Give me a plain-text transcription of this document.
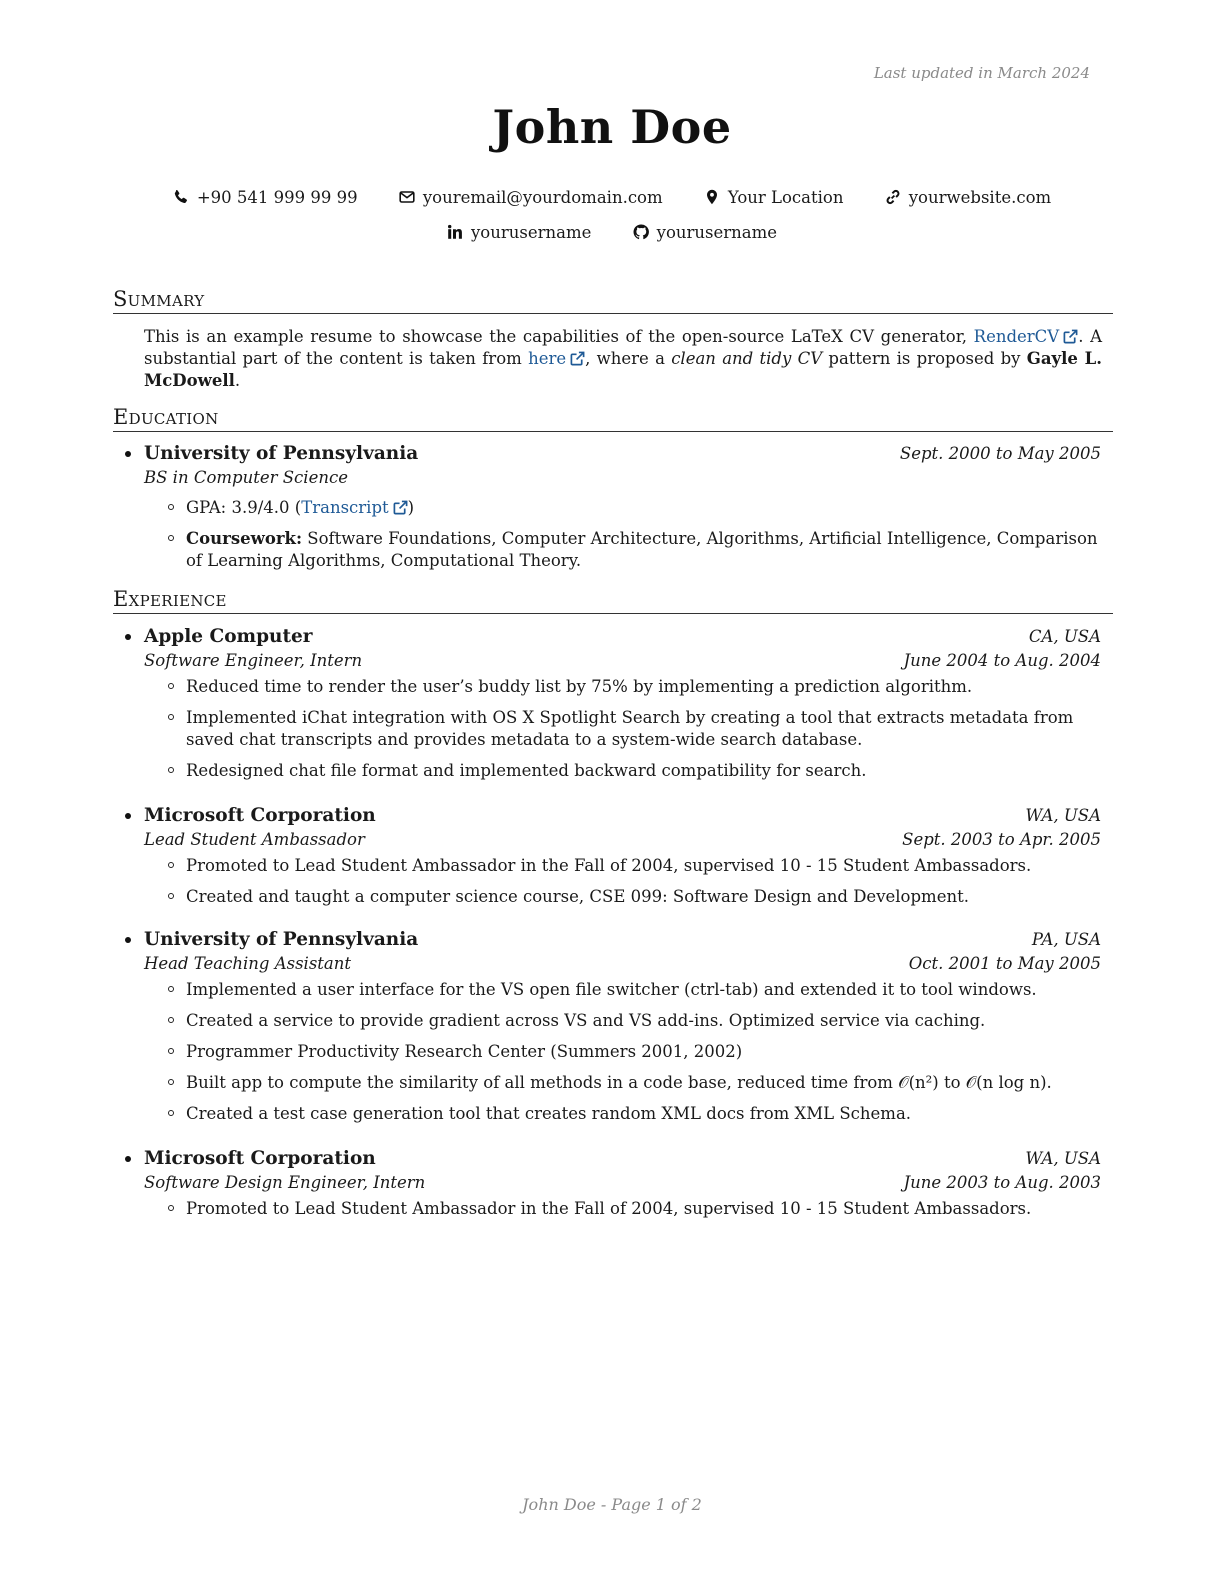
Last updated in March 2024
John Doe
+90 541 999 99 99	youremail@yourdomain.com	Your Location	yourwebsite.com
yourusername	yourusername
Summary
This is an example resume to showcase the capabilities of the open-source LaTeX CV generator, RenderCV . A substantial part of the content is taken from here , where a clean and tidy CV pattern is proposed by Gayle L. McDowell.
Education
University of Pennsylvania	Sept. 2000 to May 2005
BS in Computer Science
GPA: 3.9/4.0 (Transcript )
Coursework: Software Foundations, Computer Architecture, Algorithms, Artificial Intelligence, Comparison of Learning Algorithms, Computational Theory.
Experience
Apple Computer	CA, USA
Software Engineer, Intern	June 2004 to Aug. 2004
Reduced time to render the user’s buddy list by 75% by implementing a prediction algorithm.
Implemented iChat integration with OS X Spotlight Search by creating a tool that extracts metadata from saved chat transcripts and provides metadata to a system-wide search database.
Redesigned chat file format and implemented backward compatibility for search.
Microsoft Corporation	WA, USA
Lead Student Ambassador	Sept. 2003 to Apr. 2005
Promoted to Lead Student Ambassador in the Fall of 2004, supervised 10 - 15 Student Ambassadors.
Created and taught a computer science course, CSE 099: Software Design and Development.
University of Pennsylvania	PA, USA
Head Teaching Assistant	Oct. 2001 to May 2005
Implemented a user interface for the VS open file switcher (ctrl-tab) and extended it to tool windows.
Created a service to provide gradient across VS and VS add-ins. Optimized service via caching.
Programmer Productivity Research Center (Summers 2001, 2002)
Built app to compute the similarity of all methods in a code base, reduced time from 𝒪(n²) to 𝒪(n log n).
Created a test case generation tool that creates random XML docs from XML Schema.
Microsoft Corporation	WA, USA
Software Design Engineer, Intern	June 2003 to Aug. 2003
Promoted to Lead Student Ambassador in the Fall of 2004, supervised 10 - 15 Student Ambassadors.
John Doe - Page 1 of 2
